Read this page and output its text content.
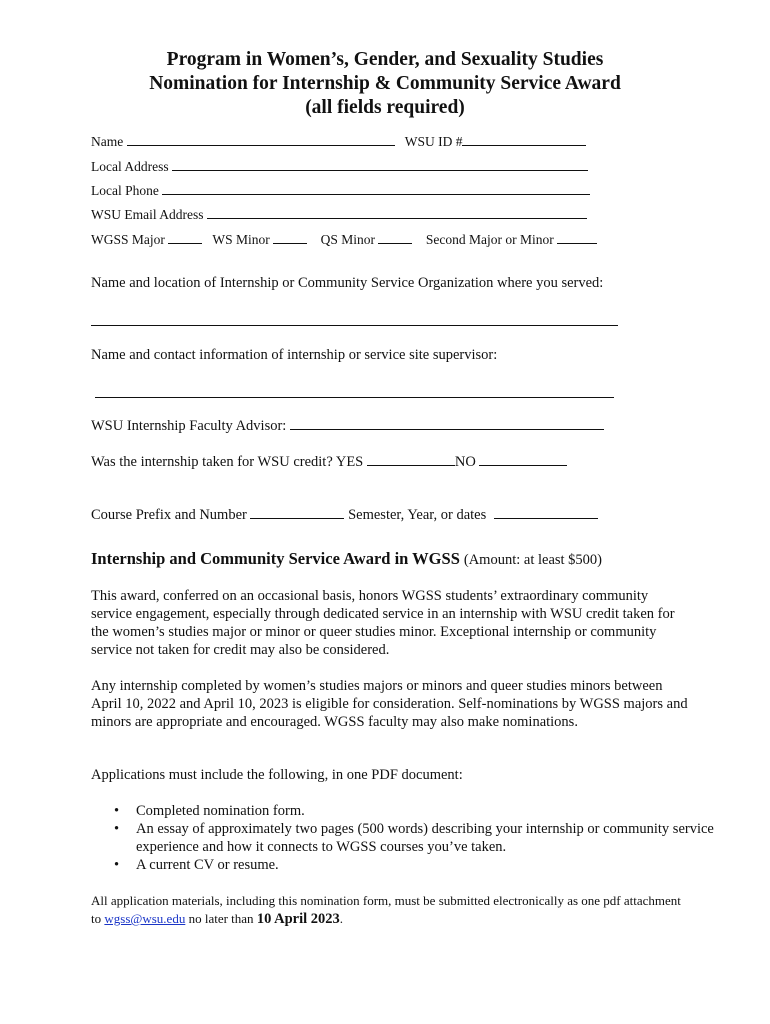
Program in Women’s, Gender, and Sexuality Studies
Nomination for Internship & Community Service Award
(all fields required)
Name	WSU ID #
Local Address
Local Phone
WSU Email Address
WGSS Major	WS Minor	QS Minor	Second Major or Minor
Name and location of Internship or Community Service Organization where you served:
Name and contact information of internship or service site supervisor:
WSU Internship Faculty Advisor:
Was the internship taken for WSU credit? YES	NO
Course Prefix and Number	Semester, Year, or dates
Internship and Community Service Award in WGSS (Amount: at least $500)
This award, conferred on an occasional basis, honors WGSS students’ extraordinary community service engagement, especially through dedicated service in an internship with WSU credit taken for the women’s studies major or minor or queer studies minor. Exceptional internship or community service not taken for credit may also be considered.
Any internship completed by women’s studies majors or minors and queer studies minors between April 10, 2022 and April 10, 2023 is eligible for consideration. Self-nominations by WGSS majors and minors are appropriate and encouraged. WGSS faculty may also make nominations.
Applications must include the following, in one PDF document:
• Completed nomination form.
• An essay of approximately two pages (500 words) describing your internship or community service experience and how it connects to WGSS courses you’ve taken.
• A current CV or resume.
All application materials, including this nomination form, must be submitted electronically as one pdf attachment to wgss@wsu.edu no later than 10 April 2023.
